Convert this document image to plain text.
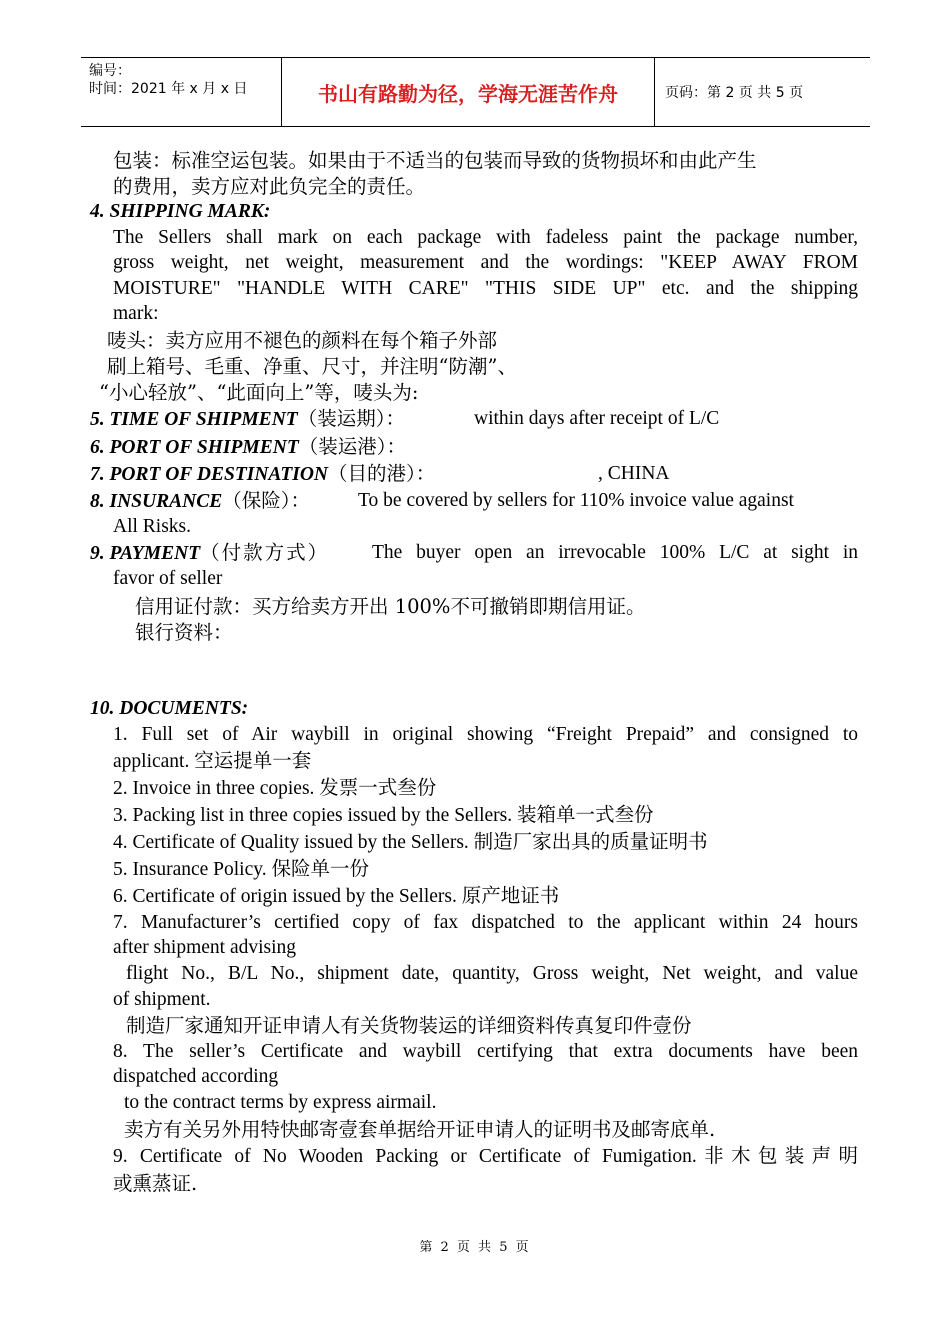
编号：
时间：2021 年 x 月 x 日	书山有路勤为径，学海无涯苦作舟	页码：第 2 页 共 5 页
包装：标准空运包装。如果由于不适当的包装而导致的货物损坏和由此产生
的费用，卖方应对此负完全的责任。
4. SHIPPING MARK:
The Sellers shall mark on each package with fadeless paint the package number,
gross weight, net weight, measurement and the wordings: "KEEP AWAY FROM
MOISTURE" "HANDLE WITH CARE" "THIS SIDE UP" etc. and the shipping
mark:
唛头：卖方应用不褪色的颜料在每个箱子外部
刷上箱号、毛重、净重、尺寸，并注明“防潮”、
“小心轻放”、“此面向上”等，唛头为:
5. TIME OF SHIPMENT（装运期）：	within days after receipt of L/C
6. PORT OF SHIPMENT（装运港）：
7. PORT OF DESTINATION（目的港）：	, CHINA
8. INSURANCE（保险）： To be covered by sellers for 110% invoice value against
All Risks.
9. PAYMENT（付款方式） The buyer open an irrevocable 100% L/C at sight in
favor of seller
信用证付款：买方给卖方开出 100%不可撤销即期信用证。
银行资料：
10. DOCUMENTS:
1. Full set of Air waybill in original showing “Freight Prepaid” and consigned to
applicant. 空运提单一套
2. Invoice in three copies. 发票一式叁份
3. Packing list in three copies issued by the Sellers. 装箱单一式叁份
4. Certificate of Quality issued by the Sellers. 制造厂家出具的质量证明书
5. Insurance Policy. 保险单一份
6. Certificate of origin issued by the Sellers. 原产地证书
7. Manufacturer’s certified copy of fax dispatched to the applicant within 24 hours
after shipment advising
flight No., B/L No., shipment date, quantity, Gross weight, Net weight, and value
of shipment.
制造厂家通知开证申请人有关货物装运的详细资料传真复印件壹份
8. The seller’s Certificate and waybill certifying that extra documents have been
dispatched according
to the contract terms by express airmail.
卖方有关另外用特快邮寄壹套单据给开证申请人的证明书及邮寄底单.
9. Certificate of No Wooden Packing or Certificate of Fumigation.非木包装声明
或熏蒸证.
第 2 页 共 5 页
